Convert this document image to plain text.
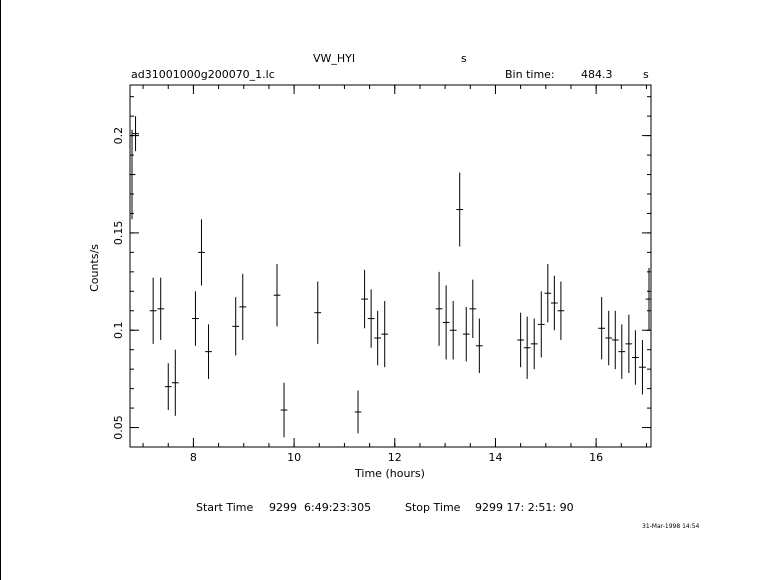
VW_HYI	s
ad31001000g200070_1.lc	Bin time: 484.3	s
8	10	12	14	16
0.05
0.1
0.15
0.2
Time (hours)
Counts/s
Start Time 9299  6:49:23:305	Stop Time 9299 17: 2:51: 90
31-Mar-1998 14:54
